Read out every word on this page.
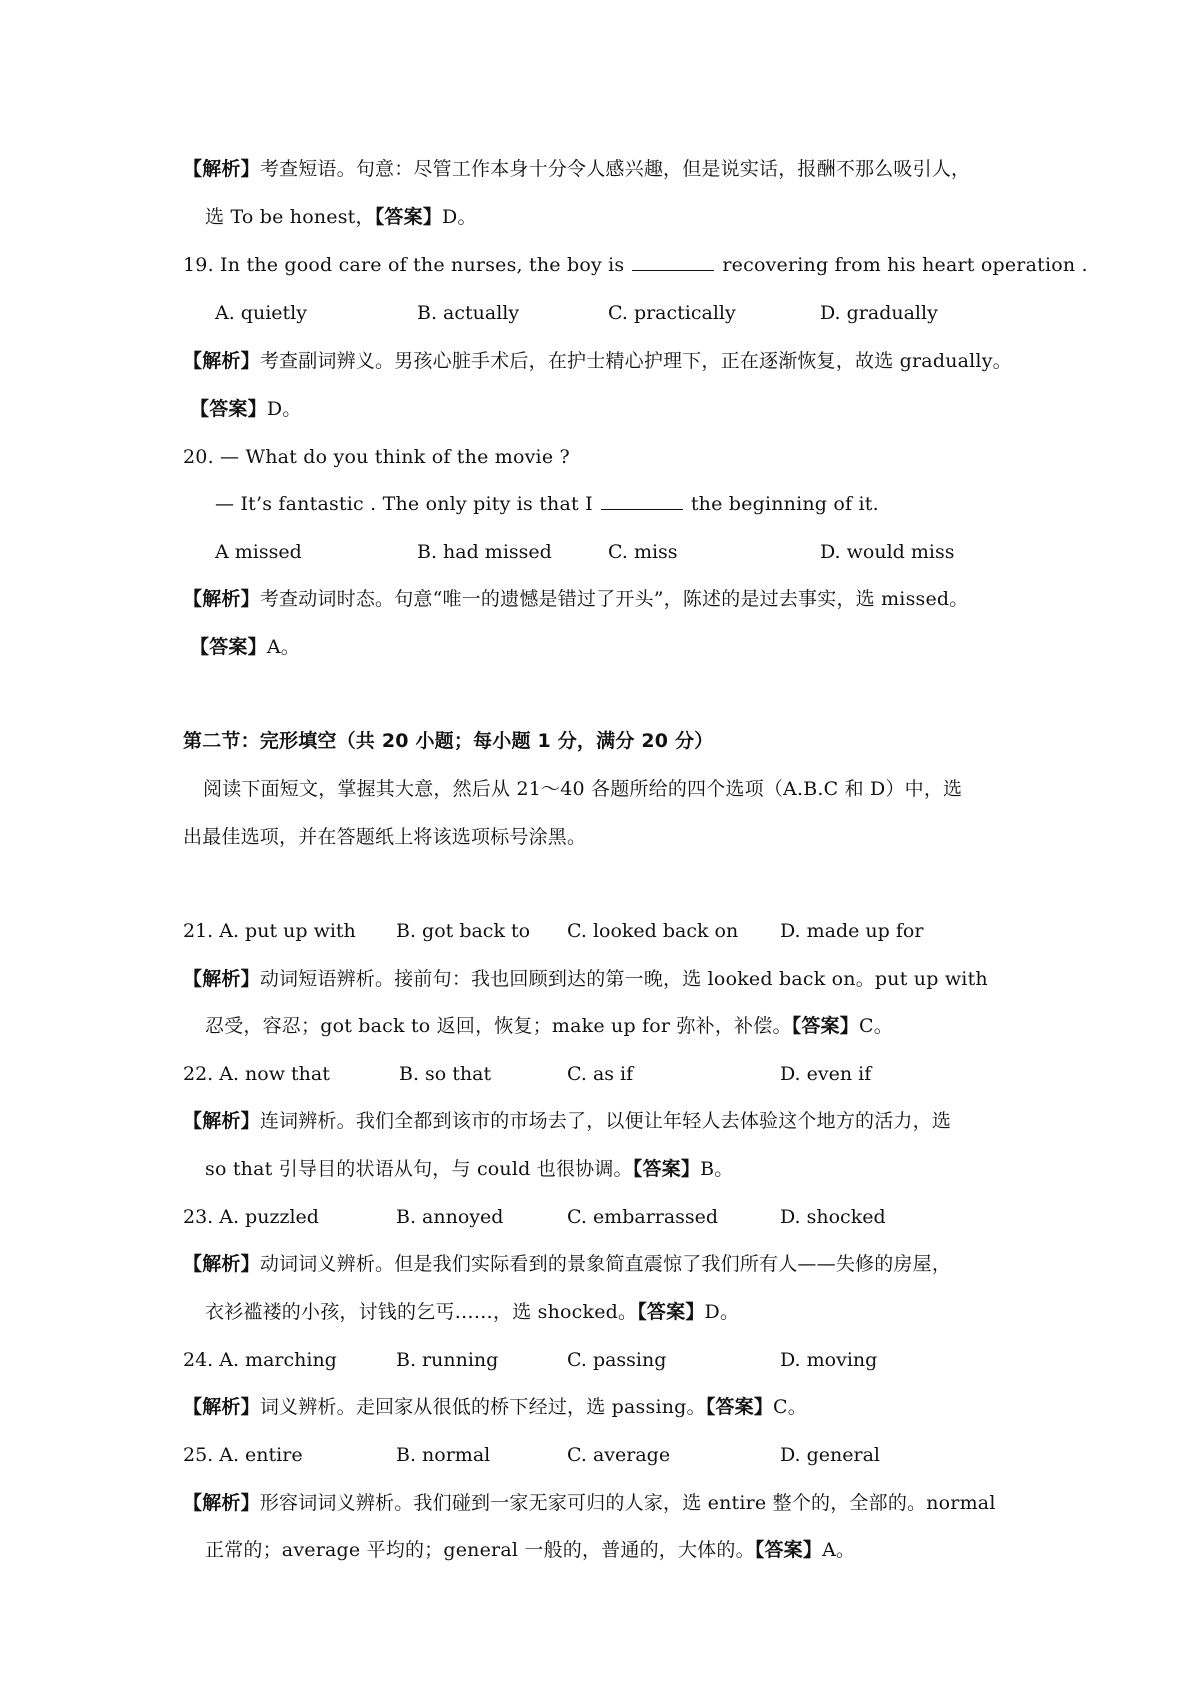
【解析】考查短语。句意：尽管工作本身十分令人感兴趣，但是说实话，报酬不那么吸引人，
选 To be honest，【答案】D。
19. In the good care of the nurses, the boy is	recovering from his heart operation .
A. quietly	B. actually	C. practically	D. gradually
【解析】考查副词辨义。男孩心脏手术后，在护士精心护理下，正在逐渐恢复，故选 gradually。
【答案】D。
20. — What do you think of the movie ?
— It’s fantastic . The only pity is that I	the beginning of it.
A missed	B. had missed	C. miss	D. would miss
【解析】考查动词时态。句意“唯一的遗憾是错过了开头”，陈述的是过去事实，选 missed。
【答案】A。
第二节：完形填空（共 20 小题；每小题 1 分，满分 20 分）
阅读下面短文，掌握其大意，然后从 21～40 各题所给的四个选项（A.B.C 和 D）中，选
出最佳选项，并在答题纸上将该选项标号涂黑。
21. A. put up with B. got back to C. looked back on D. made up for
【解析】动词短语辨析。接前句：我也回顾到达的第一晚，选 looked back on。put up with
忍受，容忍；got back to 返回，恢复；make up for 弥补，补偿。【答案】C。
22. A. now that	B. so that	C. as if	D. even if
【解析】连词辨析。我们全都到该市的市场去了，以便让年轻人去体验这个地方的活力，选
so that 引导目的状语从句，与 could 也很协调。【答案】B。
23. A. puzzled	B. annoyed	C. embarrassed	D. shocked
【解析】动词词义辨析。但是我们实际看到的景象简直震惊了我们所有人——失修的房屋，
衣衫褴褛的小孩，讨钱的乞丐……，选 shocked。【答案】D。
24. A. marching	B. running	C. passing	D. moving
【解析】词义辨析。走回家从很低的桥下经过，选 passing。【答案】C。
25. A. entire	B. normal	C. average	D. general
【解析】形容词词义辨析。我们碰到一家无家可归的人家，选 entire 整个的，全部的。normal
正常的；average 平均的；general 一般的，普通的，大体的。【答案】A。
